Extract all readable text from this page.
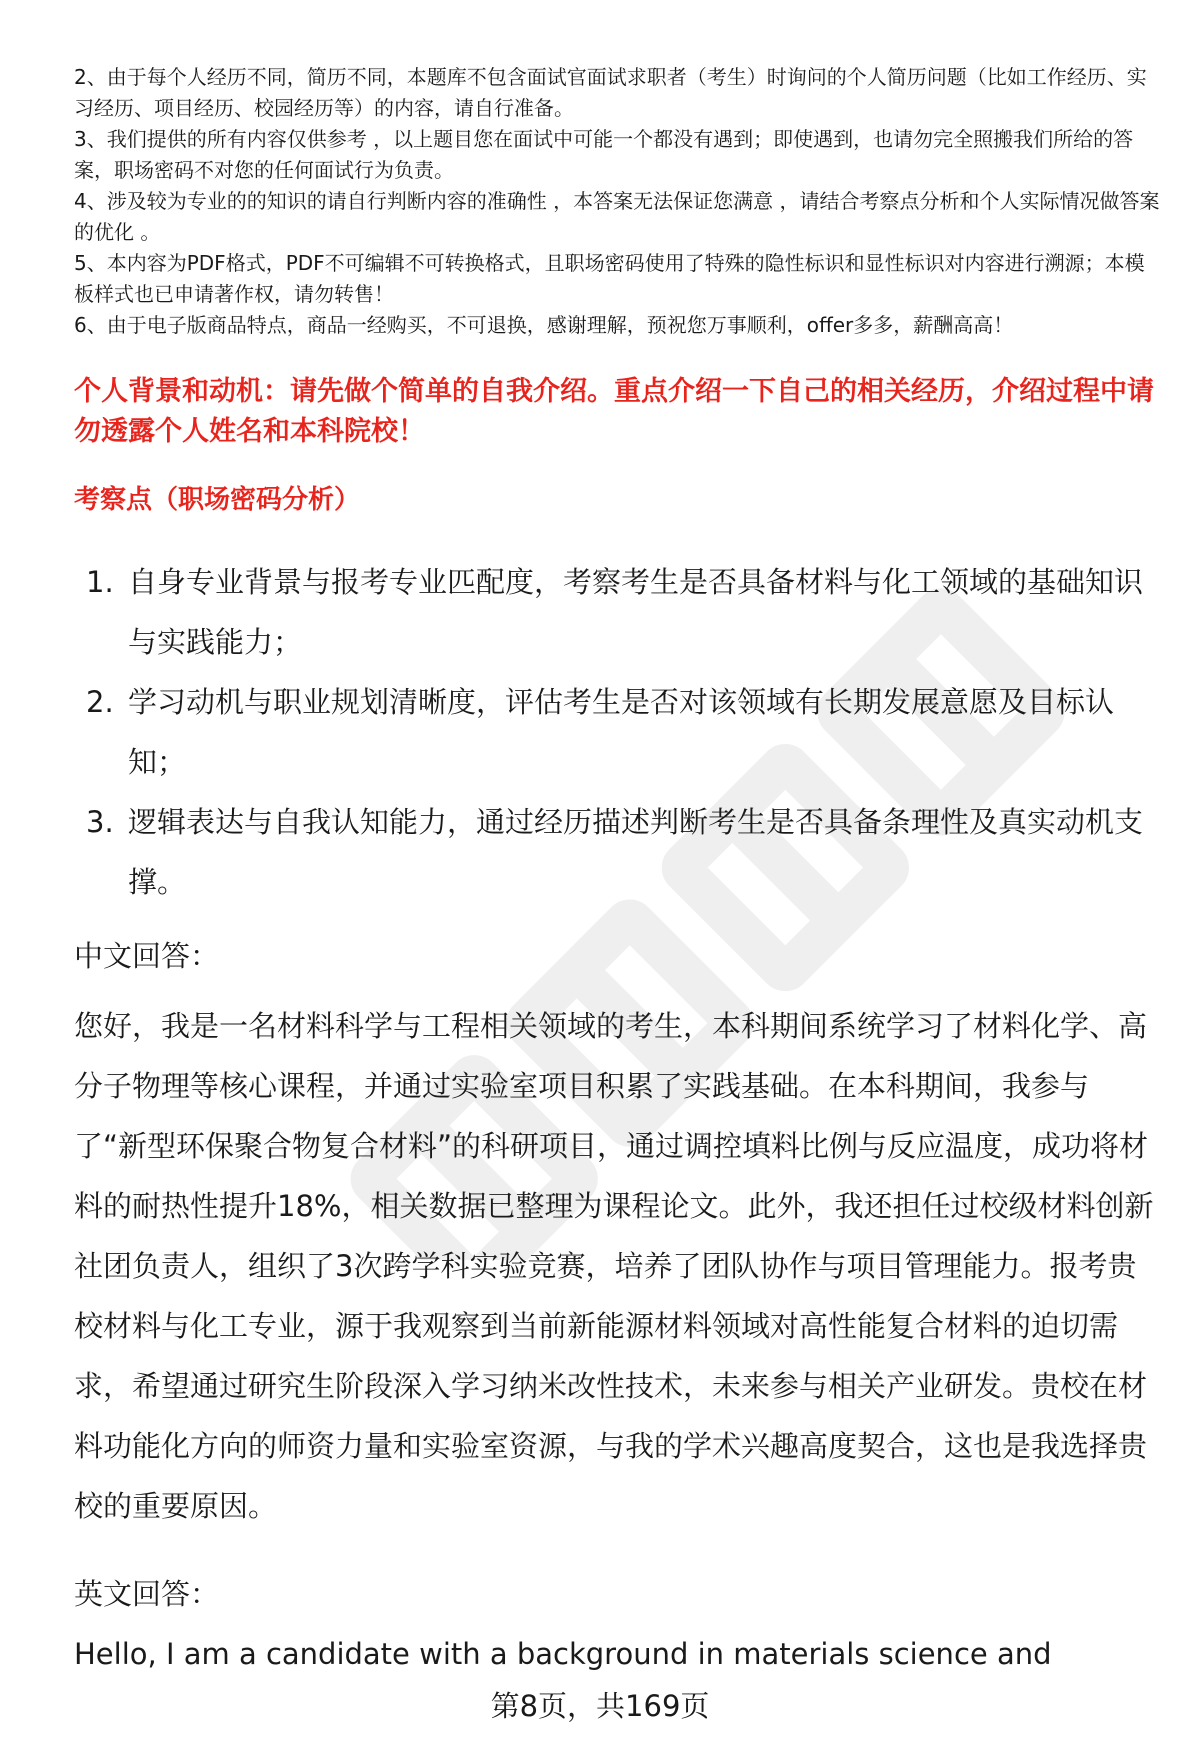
2、由于每个人经历不同，简历不同，本题库不包含面试官面试求职者（考生）时询问的个人简历问题（比如工作经历、实习经历、项目经历、校园经历等）的内容，请自行准备。

3、我们提供的所有内容仅供参考 ，以上题目您在面试中可能一个都没有遇到；即使遇到，也请勿完全照搬我们所给的答案，职场密码不对您的任何面试行为负责。

4、涉及较为专业的的知识的请自行判断内容的准确性 ，本答案无法保证您满意 ，请结合考察点分析和个人实际情况做答案的优化 。

5、本内容为PDF格式，PDF不可编辑不可转换格式，且职场密码使用了特殊的隐性标识和显性标识对内容进行溯源；本模板样式也已申请著作权，请勿转售！

6、由于电子版商品特点，商品一经购买，不可退换，感谢理解，预祝您万事顺利，offer多多，薪酬高高！

个人背景和动机：请先做个简单的自我介绍。重点介绍一下自己的相关经历，介绍过程中请勿透露个人姓名和本科院校！
考察点（职场密码分析）
1. 自身专业背景与报考专业匹配度，考察考生是否具备材料与化工领域的基础知识与实践能力；
2. 学习动机与职业规划清晰度，评估考生是否对该领域有长期发展意愿及目标认知；
3. 逻辑表达与自我认知能力，通过经历描述判断考生是否具备条理性及真实动机支撑。
中文回答：

您好，我是一名材料科学与工程相关领域的考生，本科期间系统学习了材料化学、高分子物理等核心课程，并通过实验室项目积累了实践基础。在本科期间，我参与了“新型环保聚合物复合材料”的科研项目，通过调控填料比例与反应温度，成功将材料的耐热性提升18%，相关数据已整理为课程论文。此外，我还担任过校级材料创新社团负责人，组织了3次跨学科实验竞赛，培养了团队协作与项目管理能力。报考贵校材料与化工专业，源于我观察到当前新能源材料领域对高性能复合材料的迫切需求，希望通过研究生阶段深入学习纳米改性技术，未来参与相关产业研发。贵校在材料功能化方向的师资力量和实验室资源，与我的学术兴趣高度契合，这也是我选择贵校的重要原因。

英文回答：

Hello, I am a candidate with a background in materials science and

第8页，共169页
